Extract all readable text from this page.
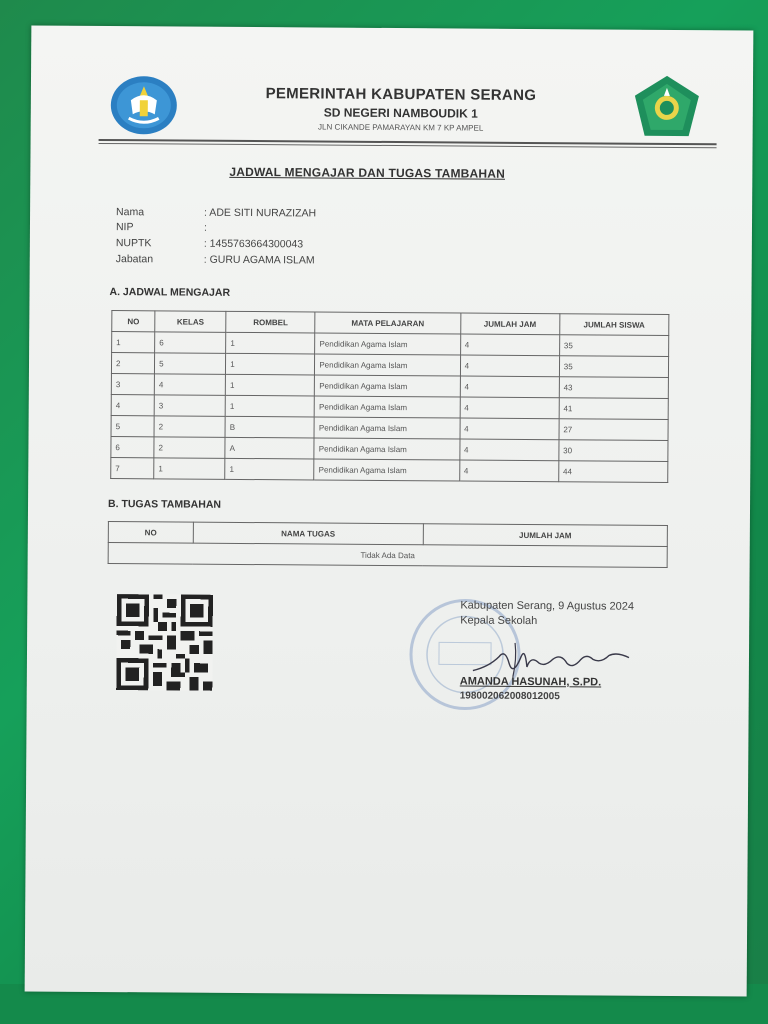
PEMERINTAH KABUPATEN SERANG
SD NEGERI NAMBOUDIK 1
JLN CIKANDE PAMARAYAN KM 7 KP AMPEL
JADWAL MENGAJAR DAN TUGAS TAMBAHAN
Nama	: ADE SITI NURAZIZAH
NIP	:
NUPTK	: 1455763664300043
Jabatan	: GURU AGAMA ISLAM
A. JADWAL MENGAJAR
NO	KELAS	ROMBEL	MATA PELAJARAN	JUMLAH JAM	JUMLAH SISWA
1	6	1	Pendidikan Agama Islam	4	35
2	5	1	Pendidikan Agama Islam	4	35
3	4	1	Pendidikan Agama Islam	4	43
4	3	1	Pendidikan Agama Islam	4	41
5	2	B	Pendidikan Agama Islam	4	27
6	2	A	Pendidikan Agama Islam	4	30
7	1	1	Pendidikan Agama Islam	4	44
B. TUGAS TAMBAHAN
NO	NAMA TUGAS	JUMLAH JAM
Tidak Ada Data
Kabupaten Serang, 9 Agustus 2024
Kepala Sekolah
AMANDA HASUNAH, S.PD.
198002062008012005
